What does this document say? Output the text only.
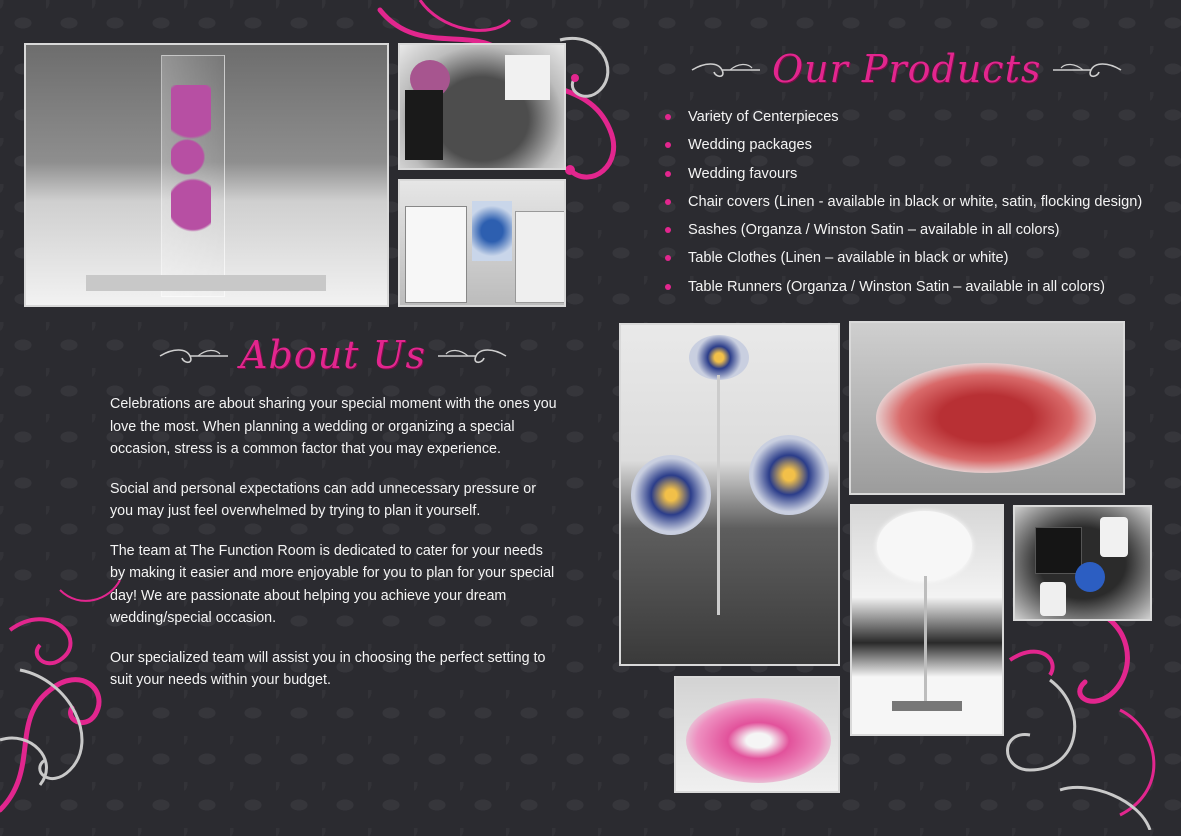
Our Products
Variety of Centerpieces
Wedding packages
Wedding favours
Chair covers (Linen - available in black or white, satin, flocking design)
Sashes (Organza / Winston Satin – available in all colors)
Table Clothes (Linen – available in black or white)
Table Runners (Organza / Winston Satin – available in all colors)
About Us

Celebrations are about sharing your special moment with the ones you love the most. When planning a wedding or organizing a special occasion, stress is a common factor that you may experience.

Social and personal expectations can add unnecessary pressure or you may just feel overwhelmed by trying to plan it yourself.

The team at The Function Room is dedicated to cater for your needs by making it easier and more enjoyable for you to plan for your special day! We are passionate about helping you achieve your dream wedding/special occasion.

Our specialized team will assist you in choosing the perfect setting to suit your needs within your budget.
